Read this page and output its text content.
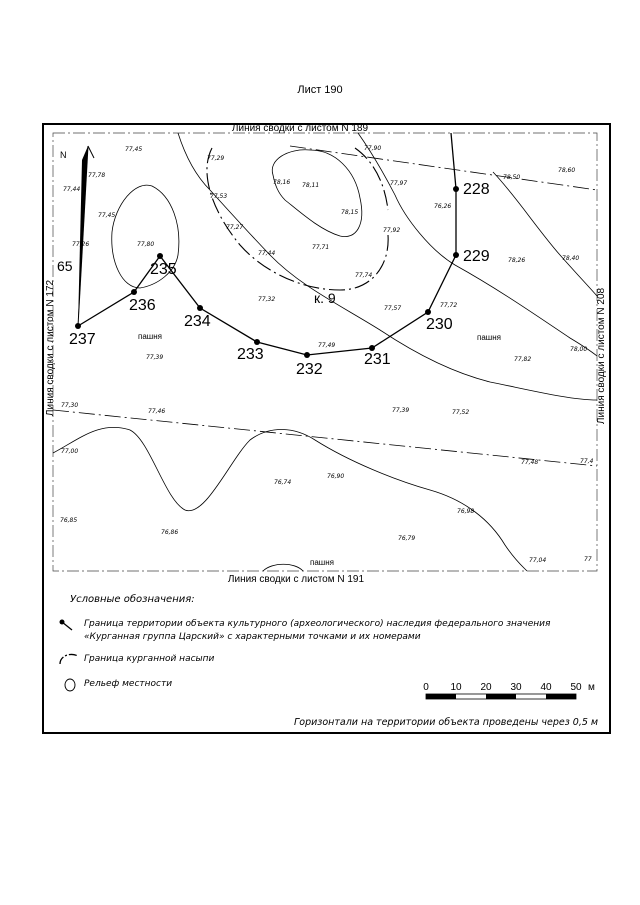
Лист 190
Линия сводки с листом N 189
Линия сводки с листом N 191
Линия сводки с листом N 172	Линия сводки с листом N 208
65
N
228
229
230
231
232
233
234
235
236
237
к. 9
пашня	пашня
пашня
77,45
77,78
77,44
77,45
77,26	77,80
77,29
77,53
77,27
78,16 78,11
78,15
77,90
77,97
76,26
77,92
77,44
77,71
77,74
77,32
77,57	77,72
77,49
77,39
78,50
78,60
78,26	78,40
78,00
77,82
77,30
77,46	77,39	77,52
77,00
76,74
76,90
76,85
76,86
76,98
76,79
77,48	77,4
77,04	77
Условные обозначения:
Граница территории объекта культурного (археологического) наследия федерального значения
«Курганная группа Царский» с характерными точками и их номерами
Граница курганной насыпи
Рельеф местности	0 10 20 30 40 50 м
Горизонтали на территории объекта проведены через 0,5 м
